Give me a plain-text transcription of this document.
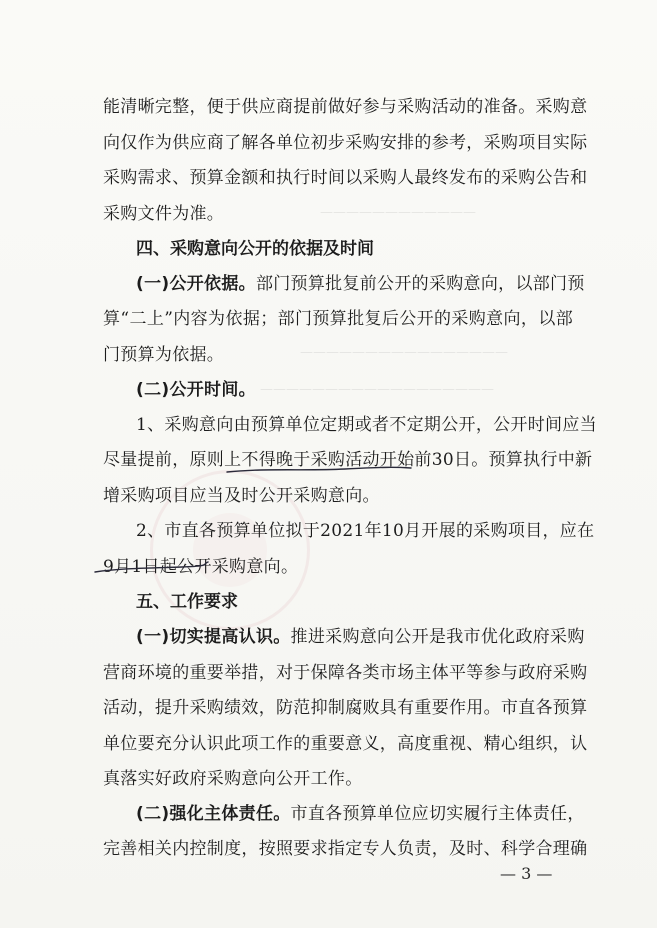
————————————
————————————————
——————————————————
能清晰完整，便于供应商提前做好参与采购活动的准备。采购意
向仅作为供应商了解各单位初步采购安排的参考，采购项目实际
采购需求、预算金额和执行时间以采购人最终发布的采购公告和
采购文件为准。
四、采购意向公开的依据及时间
(一)公开依据。部门预算批复前公开的采购意向，以部门预
算“二上”内容为依据；部门预算批复后公开的采购意向，以部
门预算为依据。
(二)公开时间。
1、采购意向由预算单位定期或者不定期公开，公开时间应当
尽量提前，原则上不得晚于采购活动开始前30日。预算执行中新
增采购项目应当及时公开采购意向。
2、市直各预算单位拟于2021年10月开展的采购项目，应在
9月1日起公开采购意向。
五、工作要求
(一)切实提高认识。推进采购意向公开是我市优化政府采购
营商环境的重要举措，对于保障各类市场主体平等参与政府采购
活动，提升采购绩效，防范抑制腐败具有重要作用。市直各预算
单位要充分认识此项工作的重要意义，高度重视、精心组织，认
真落实好政府采购意向公开工作。
(二)强化主体责任。市直各预算单位应切实履行主体责任，
完善相关内控制度，按照要求指定专人负责，及时、科学合理确
— 3 —
